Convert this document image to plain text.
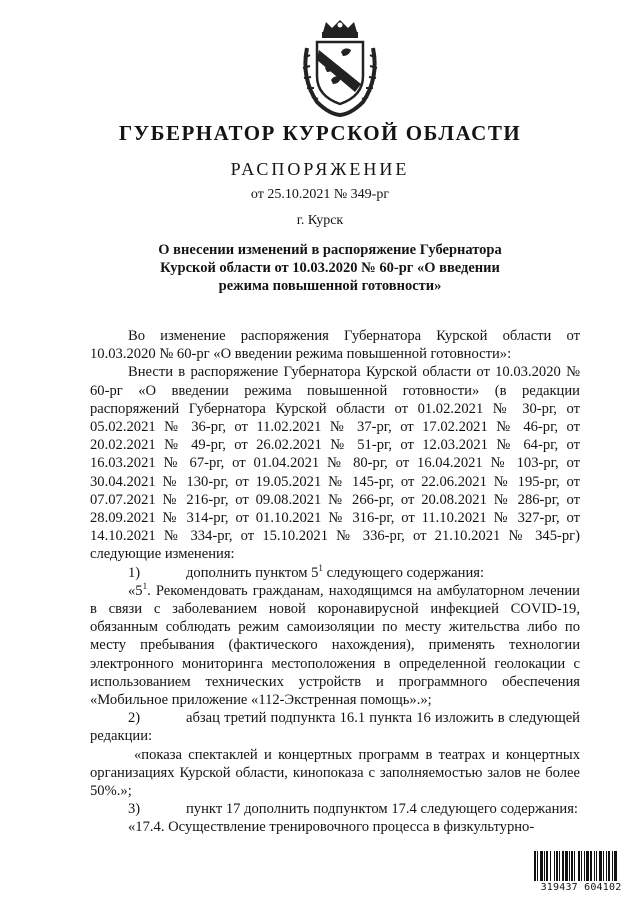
ГУБЕРНАТОР КУРСКОЙ ОБЛАСТИ
РАСПОРЯЖЕНИЕ
от 25.10.2021 № 349-рг
г. Курск
О внесении изменений в распоряжение Губернатора
Курской области от 10.03.2020 № 60-рг «О введении
режима повышенной готовности»

Во изменение распоряжения Губернатора Курской области от 10.03.2020 № 60-рг «О введении режима повышенной готовности»:

Внести в распоряжение Губернатора Курской области от 10.03.2020 № 60-рг «О введении режима повышенной готовности» (в редакции распоряжений Губернатора Курской области от 01.02.2021 № 30-рг, от 05.02.2021 № 36-рг, от 11.02.2021 № 37-рг, от 17.02.2021 № 46-рг, от 20.02.2021 № 49-рг, от 26.02.2021 № 51-рг, от 12.03.2021 № 64-рг, от 16.03.2021 № 67-рг, от 01.04.2021 № 80-рг, от 16.04.2021 № 103-рг, от 30.04.2021 № 130-рг, от 19.05.2021 № 145-рг, от 22.06.2021 № 195-рг, от 07.07.2021 № 216-рг, от 09.08.2021 № 266-рг, от 20.08.2021 № 286-рг, от 28.09.2021 № 314-рг, от 01.10.2021 № 316-рг, от 11.10.2021 № 327-рг, от 14.10.2021 № 334-рг, от 15.10.2021 № 336-рг, от 21.10.2021 № 345-рг) следующие изменения:

1)	дополнить пунктом $5^1$ следующего содержания:

«$5^1$. Рекомендовать гражданам, находящимся на амбулаторном лечении в связи с заболеванием новой коронавирусной инфекцией COVID-19, обязанным соблюдать режим самоизоляции по месту жительства либо по месту пребывания (фактического нахождения), применять технологии электронного мониторинга местоположения в определенной геолокации с использованием технических устройств и программного обеспечения «Мобильное приложение «112-Экстренная помощь».»;

2)	абзац третий подпункта 16.1 пункта 16 изложить в следующей редакции:

«показа спектаклей и концертных программ в театрах и концертных организациях Курской области, кинопоказа с заполняемостью залов не более 50%.»;

3)	пункт 17 дополнить подпунктом 17.4 следующего содержания:

«17.4. Осуществление тренировочного процесса в физкультурно-

319437 604102
